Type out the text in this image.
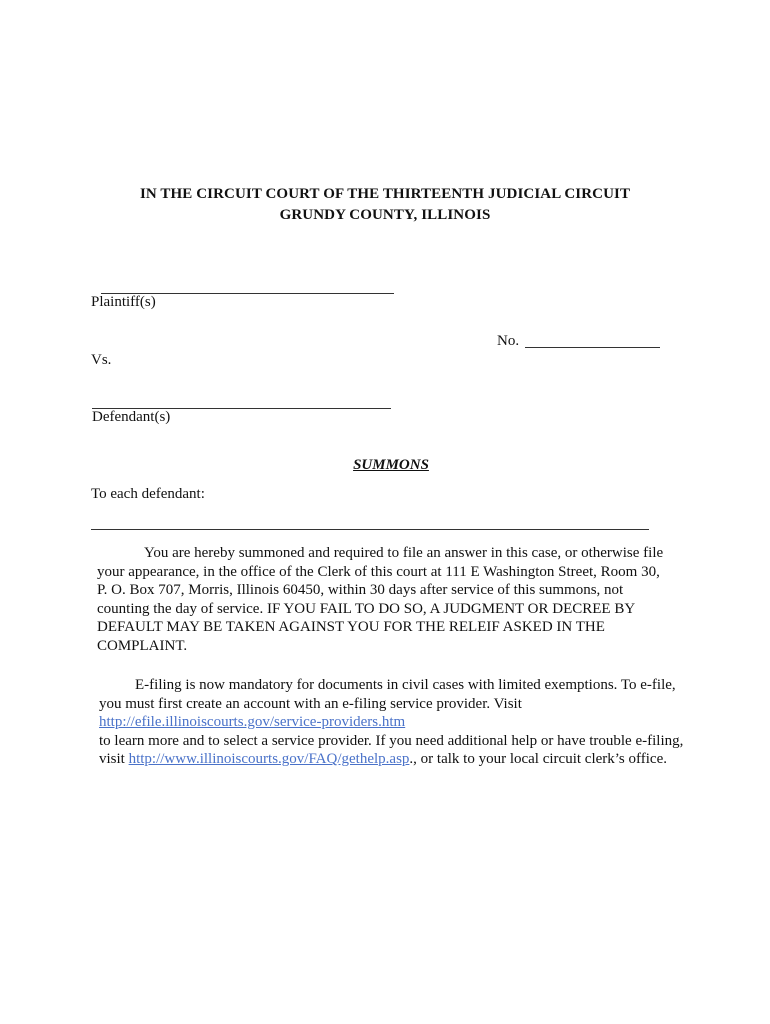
IN THE CIRCUIT COURT OF THE THIRTEENTH JUDICIAL CIRCUIT
GRUNDY COUNTY, ILLINOIS
Plaintiff(s)
No.
Vs.
Defendant(s)
SUMMONS
To each defendant:

You are hereby summoned and required to file an answer in this case, or otherwise file

your appearance, in the office of the Clerk of this court at 111 E Washington Street, Room 30,

P. O. Box 707, Morris, Illinois 60450, within 30 days after service of this summons, not

counting the day of service. IF YOU FAIL TO DO SO, A JUDGMENT OR DECREE BY

DEFAULT MAY BE TAKEN AGAINST YOU FOR THE RELEIF ASKED IN THE

COMPLAINT.

E-filing is now mandatory for documents in civil cases with limited exemptions. To e-file,

you must first create an account with an e-filing service provider. Visit

http://efile.illinoiscourts.gov/service-providers.htm

to learn more and to select a service provider. If you need additional help or have trouble e-filing,

visit http://www.illinoiscourts.gov/FAQ/gethelp.asp., or talk to your local circuit clerk’s office.
